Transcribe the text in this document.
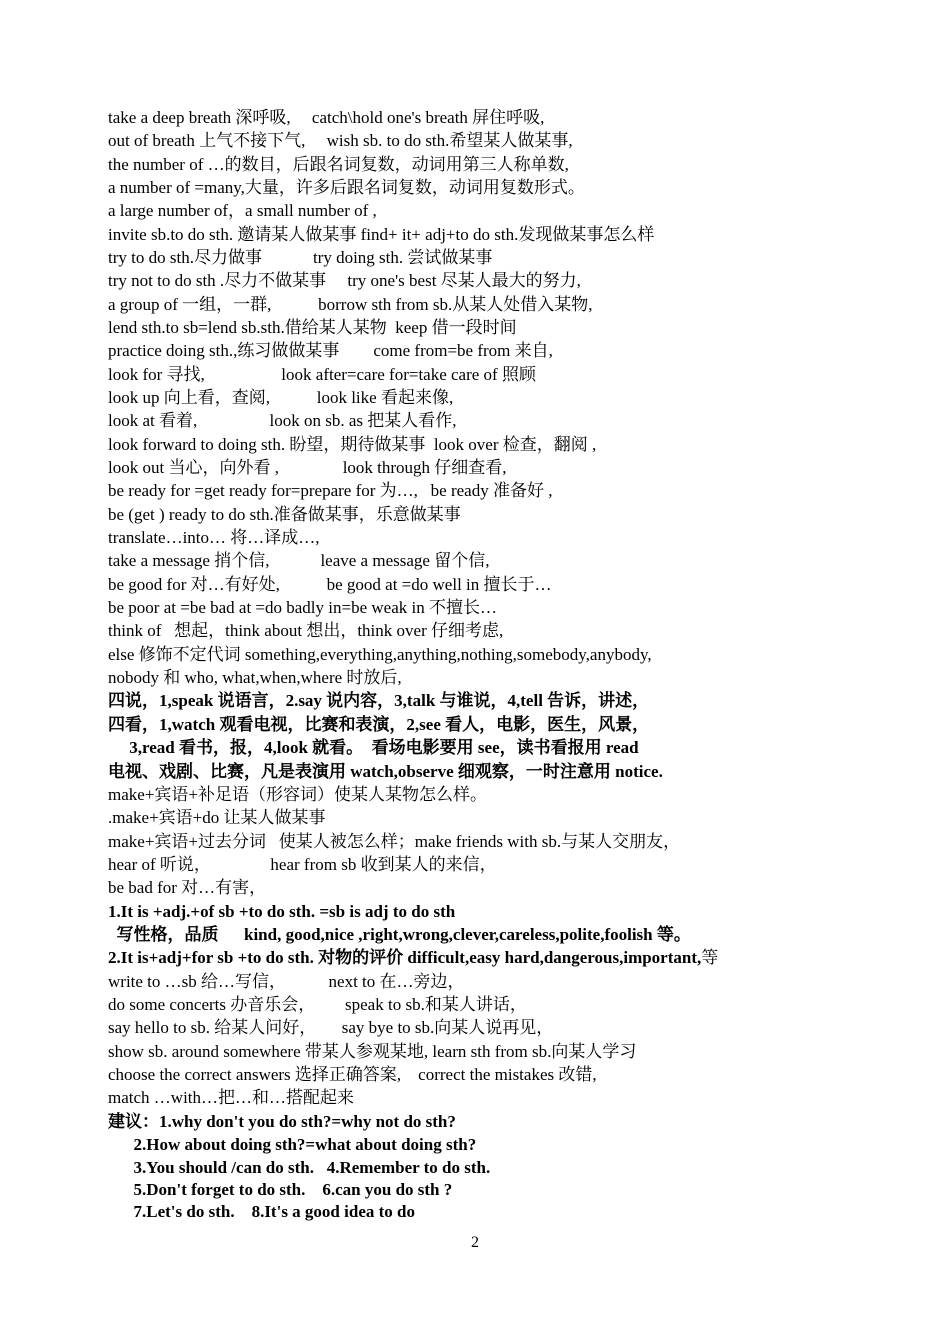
take a deep breath 深呼吸,     catch\hold one's breath 屏住呼吸,
out of breath 上气不接下气,     wish sb. to do sth.希望某人做某事,
the number of …的数目，后跟名词复数，动词用第三人称单数,
a number of =many,大量，许多后跟名词复数，动词用复数形式。
a large number of，a small number of ,
invite sb.to do sth. 邀请某人做某事 find+ it+ adj+to do sth.发现做某事怎么样
try to do sth.尽力做事            try doing sth. 尝试做某事
try not to do sth .尽力不做某事     try one's best 尽某人最大的努力,
a group of 一组，一群,           borrow sth from sb.从某人处借入某物,
lend sth.to sb=lend sb.sth.借给某人某物  keep 借一段时间
practice doing sth.,练习做做某事        come from=be from 来自,
look for 寻找,                  look after=care for=take care of 照顾
look up 向上看，查阅,           look like 看起来像,
look at 看着,                 look on sb. as 把某人看作,
look forward to doing sth. 盼望，期待做某事  look over 检查，翻阅 ,
look out 当心，向外看 ,               look through 仔细查看,
be ready for =get ready for=prepare for 为…,   be ready 准备好 ,
be (get ) ready to do sth.准备做某事，乐意做某事
translate…into… 将…译成…,
take a message 捎个信,            leave a message 留个信,
be good for 对…有好处,           be good at =do well in 擅长于…
be poor at =be bad at =do badly in=be weak in 不擅长…
think of   想起，think about 想出，think over 仔细考虑,
else 修饰不定代词 something,everything,anything,nothing,somebody,anybody,
nobody 和 who, what,when,where 时放后,
四说，1,speak 说语言，2.say 说内容，3,talk 与谁说，4,tell 告诉，讲述，
四看，1,watch 观看电视，比赛和表演，2,see 看人，电影，医生，风景，
3,read 看书，报，4,look 就看。  看场电影要用 see，读书看报用 read
电视、戏剧、比赛，凡是表演用 watch,observe 细观察，一时注意用 notice.
make+宾语+补足语（形容词）使某人某物怎么样。
.make+宾语+do 让某人做某事
make+宾语+过去分词   使某人被怎么样；make friends with sb.与某人交朋友，
hear of 听说，              hear from sb 收到某人的来信，
be bad for 对…有害，
1.It is +adj.+of sb +to do sth. =sb is adj to do sth
写性格，品质      kind, good,nice ,right,wrong,clever,careless,polite,foolish 等。
2.It is+adj+for sb +to do sth. 对物的评价 difficult,easy hard,dangerous,important,等
write to …sb 给…写信，          next to 在…旁边，
do some concerts 办音乐会，       speak to sb.和某人讲话，
say hello to sb. 给某人问好，      say bye to sb.向某人说再见，
show sb. around somewhere 带某人参观某地, learn sth from sb.向某人学习
choose the correct answers 选择正确答案,    correct the mistakes 改错,
match …with…把…和…搭配起来
建议：1.why don't you do sth?=why not do sth?
2.How about doing sth?=what about doing sth?
3.You should /can do sth.   4.Remember to do sth.
5.Don't forget to do sth.    6.can you do sth ?
7.Let's do sth.    8.It's a good idea to do
2
